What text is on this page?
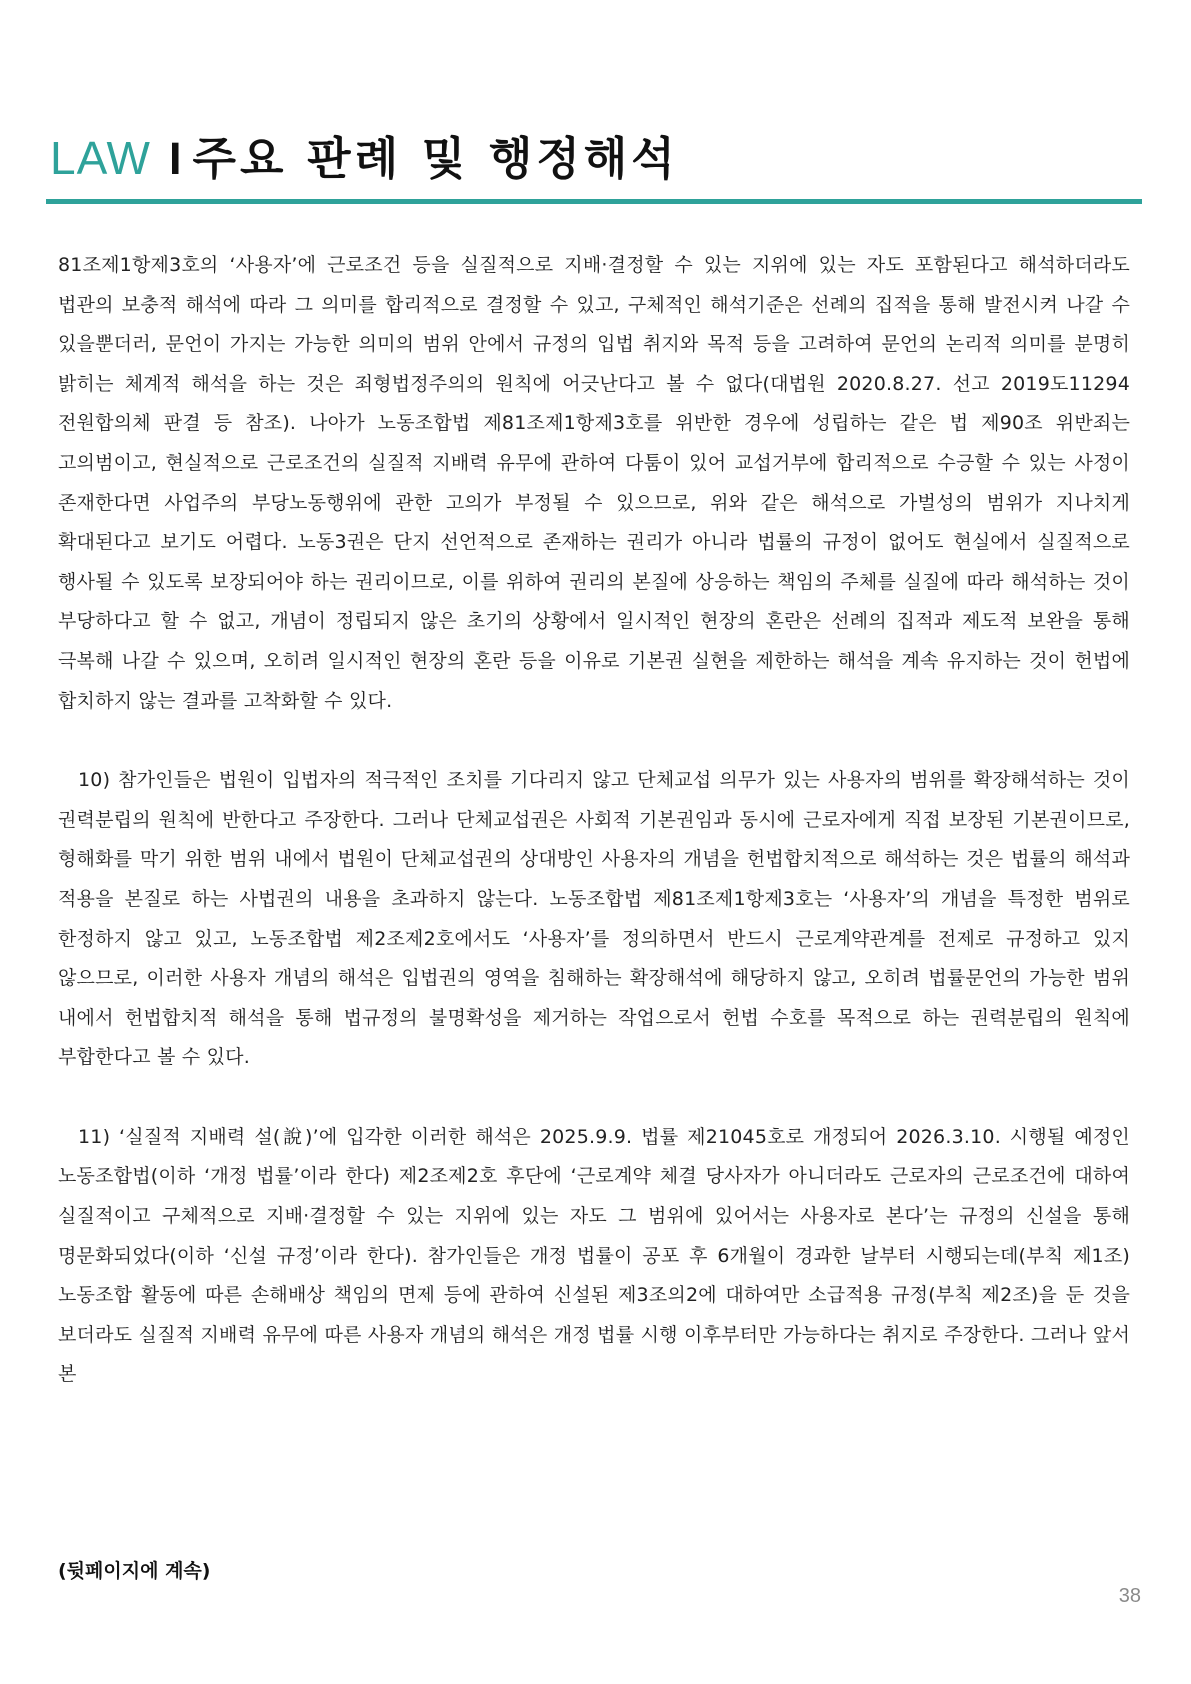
LAW I 주요 판례 및 행정해석

81조제1항제3호의 ‘사용자’에 근로조건 등을 실질적으로 지배·결정할 수 있는 지위에 있는 자도 포함된다고 해석하더라도 법관의 보충적 해석에 따라 그 의미를 합리적으로 결정할 수 있고, 구체적인 해석기준은 선례의 집적을 통해 발전시켜 나갈 수 있을뿐더러, 문언이 가지는 가능한 의미의 범위 안에서 규정의 입법 취지와 목적 등을 고려하여 문언의 논리적 의미를 분명히 밝히는 체계적 해석을 하는 것은 죄형법정주의의 원칙에 어긋난다고 볼 수 없다(대법원 2020.8.27. 선고 2019도11294 전원합의체 판결 등 참조). 나아가 노동조합법 제81조제1항제3호를 위반한 경우에 성립하는 같은 법 제90조 위반죄는 고의범이고, 현실적으로 근로조건의 실질적 지배력 유무에 관하여 다툼이 있어 교섭거부에 합리적으로 수긍할 수 있는 사정이 존재한다면 사업주의 부당노동행위에 관한 고의가 부정될 수 있으므로, 위와 같은 해석으로 가벌성의 범위가 지나치게 확대된다고 보기도 어렵다. 노동3권은 단지 선언적으로 존재하는 권리가 아니라 법률의 규정이 없어도 현실에서 실질적으로 행사될 수 있도록 보장되어야 하는 권리이므로, 이를 위하여 권리의 본질에 상응하는 책임의 주체를 실질에 따라 해석하는 것이 부당하다고 할 수 없고, 개념이 정립되지 않은 초기의 상황에서 일시적인 현장의 혼란은 선례의 집적과 제도적 보완을 통해 극복해 나갈 수 있으며, 오히려 일시적인 현장의 혼란 등을 이유로 기본권 실현을 제한하는 해석을 계속 유지하는 것이 헌법에 합치하지 않는 결과를 고착화할 수 있다.

10) 참가인들은 법원이 입법자의 적극적인 조치를 기다리지 않고 단체교섭 의무가 있는 사용자의 범위를 확장해석하는 것이 권력분립의 원칙에 반한다고 주장한다. 그러나 단체교섭권은 사회적 기본권임과 동시에 근로자에게 직접 보장된 기본권이므로, 형해화를 막기 위한 범위 내에서 법원이 단체교섭권의 상대방인 사용자의 개념을 헌법합치적으로 해석하는 것은 법률의 해석과 적용을 본질로 하는 사법권의 내용을 초과하지 않는다. 노동조합법 제81조제1항제3호는 ‘사용자’의 개념을 특정한 범위로 한정하지 않고 있고, 노동조합법 제2조제2호에서도 ‘사용자’를 정의하면서 반드시 근로계약관계를 전제로 규정하고 있지 않으므로, 이러한 사용자 개념의 해석은 입법권의 영역을 침해하는 확장해석에 해당하지 않고, 오히려 법률문언의 가능한 범위 내에서 헌법합치적 해석을 통해 법규정의 불명확성을 제거하는 작업으로서 헌법 수호를 목적으로 하는 권력분립의 원칙에 부합한다고 볼 수 있다.

11) ‘실질적 지배력 설(說)’에 입각한 이러한 해석은 2025.9.9. 법률 제21045호로 개정되어 2026.3.10. 시행될 예정인 노동조합법(이하 ‘개정 법률’이라 한다) 제2조제2호 후단에 ‘근로계약 체결 당사자가 아니더라도 근로자의 근로조건에 대하여 실질적이고 구체적으로 지배·결정할 수 있는 지위에 있는 자도 그 범위에 있어서는 사용자로 본다’는 규정의 신설을 통해 명문화되었다(이하 ‘신설 규정’이라 한다). 참가인들은 개정 법률이 공포 후 6개월이 경과한 날부터 시행되는데(부칙 제1조) 노동조합 활동에 따른 손해배상 책임의 면제 등에 관하여 신설된 제3조의2에 대하여만 소급적용 규정(부칙 제2조)을 둔 것을 보더라도 실질적 지배력 유무에 따른 사용자 개념의 해석은 개정 법률 시행 이후부터만 가능하다는 취지로 주장한다. 그러나 앞서 본

(뒷페이지에 계속)
38
